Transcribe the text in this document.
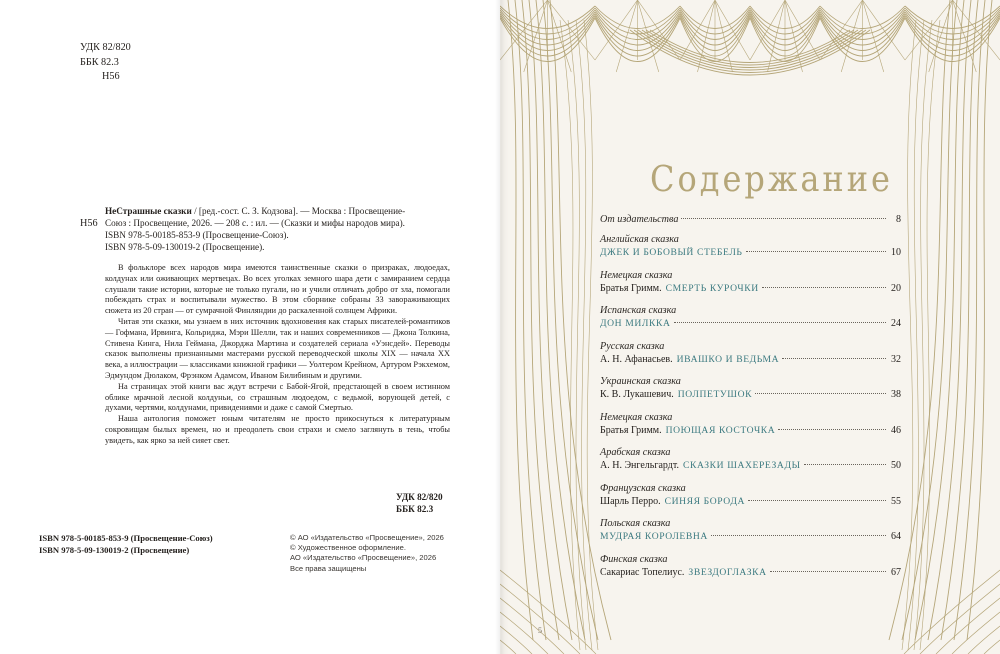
УДК 82/820
ББК 82.3
Н56
Н56
НеСтрашные сказки / [ред.-сост. С. З. Кодзова]. — Москва : Просвещение-
Союз : Просвещение, 2026. — 208 с. : ил. — (Сказки и мифы народов мира).
ISBN 978-5-00185-853-9 (Просвещение-Союз).
ISBN 978-5-09-130019-2 (Просвещение).

В фольклоре всех народов мира имеются таинственные сказки о призраках, людоедах, колдунах или оживающих мертвецах. Во всех уголках земного шара дети с замиранием сердца слушали такие истории, которые не только пугали, но и учили отличать добро от зла, помогали побеждать страх и воспитывали мужество. В этом сборнике собраны 33 завораживающих сюжета из 20 стран — от сумрачной Финляндии до раскаленной солнцем Африки.

Читая эти сказки, мы узнаем в них источник вдохновения как старых писателей-романтиков — Гофмана, Ирвинга, Кольриджа, Мэри Шелли, так и наших современников — Джона Толкина, Стивена Кинга, Нила Геймана, Джорджа Мартина и создателей сериала «Уэнсдей». Переводы сказок выполнены признанными мастерами русской переводческой школы XIX — начала XX века, а иллюстрации — классиками книжной графики — Уолтером Крейном, Артуром Рэкхемом, Эдмундом Дюлаком, Фрэнком Адамсом, Иваном Билибиным и другими.

На страницах этой книги вас ждут встречи с Бабой-Ягой, предстающей в своем истинном облике мрачной лесной колдуньи, со страшным людоедом, с ведьмой, ворующей детей, с духами, чертями, колдунами, привидениями и даже с самой Смертью.

Наша антология поможет юным читателям не просто прикоснуться к литературным сокровищам былых времен, но и преодолеть свои страхи и смело заглянуть в тень, чтобы увидеть, как ярко за ней сияет свет.

УДК 82/820
ББК 82.3
ISBN 978-5-00185-853-9 (Просвещение-Союз)
ISBN 978-5-09-130019-2 (Просвещение)
© АО «Издательство «Просвещение», 2026
© Художественное оформление.
АО «Издательство «Просвещение», 2026
Все права защищены
Содержание
От издательства	8
Английская сказка
ДЖЕК И БОБОВЫЙ СТЕБЕЛЬ	10
Немецкая сказка
Братья Гримм. СМЕРТЬ КУРОЧКИ	20
Испанская сказка
ДОН МИЛККА	24
Русская сказка
А. Н. Афанасьев. ИВАШКО И ВЕДЬМА	32
Украинская сказка
К. В. Лукашевич. ПОЛПЕТУШОК	38
Немецкая сказка
Братья Гримм. ПОЮЩАЯ КОСТОЧКА	46
Арабская сказка
А. Н. Энгельгардт. СКАЗКИ ШАХЕРЕЗАДЫ	50
Французская сказка
Шарль Перро. СИНЯЯ БОРОДА	55
Польская сказка
МУДРАЯ КОРОЛЕВНА	64
Финская сказка
Сакариас Топелиус. ЗВЕЗДОГЛАЗКА	67
5
